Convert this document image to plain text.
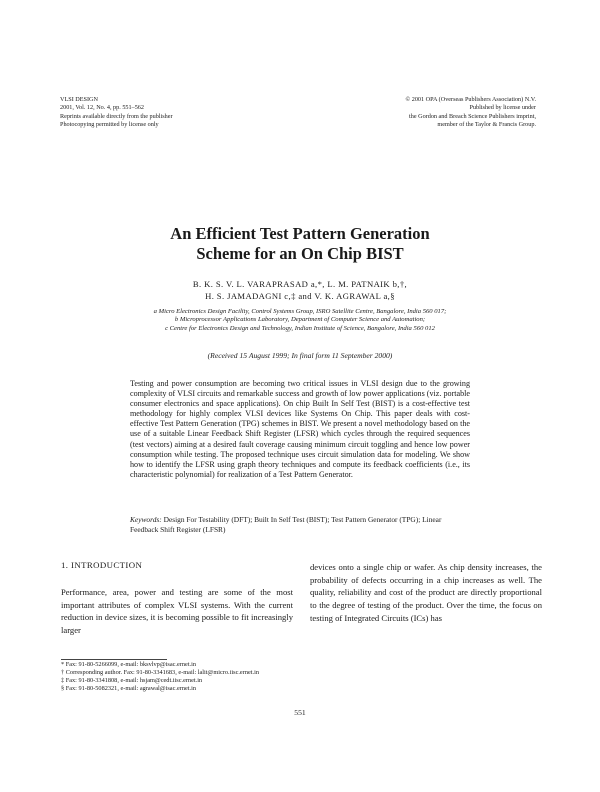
VLSI DESIGN
2001, Vol. 12, No. 4, pp. 551–562
Reprints available directly from the publisher
Photocopying permitted by license only
© 2001 OPA (Overseas Publishers Association) N.V.
Published by license under
the Gordon and Breach Science Publishers imprint,
member of the Taylor & Francis Group.
An Efficient Test Pattern Generation
Scheme for an On Chip BIST
B. K. S. V. L. VARAPRASAD a,*, L. M. PATNAIK b,†,
H. S. JAMADAGNI c,‡ and V. K. AGRAWAL a,§
a Micro Electronics Design Facility, Control Systems Group, ISRO Satellite Centre, Bangalore, India 560 017;
b Microprocessor Applications Laboratory, Department of Computer Science and Automation;
c Centre for Electronics Design and Technology, Indian Institute of Science, Bangalore, India 560 012
(Received 15 August 1999; In final form 11 September 2000)
Testing and power consumption are becoming two critical issues in VLSI design due to the growing complexity of VLSI circuits and remarkable success and growth of low power applications (viz. portable consumer electronics and space applications). On chip Built In Self Test (BIST) is a cost-effective test methodology for highly complex VLSI devices like Systems On Chip. This paper deals with cost-effective Test Pattern Generation (TPG) schemes in BIST. We present a novel methodology based on the use of a suitable Linear Feedback Shift Register (LFSR) which cycles through the required sequences (test vectors) aiming at a desired fault coverage causing minimum circuit toggling and hence low power consumption while testing. The proposed technique uses circuit simulation data for modeling. We show how to identify the LFSR using graph theory techniques and compute its feedback coefficients (i.e., its characteristic polynomial) for realization of a Test Pattern Generator.
Keywords: Design For Testability (DFT); Built In Self Test (BIST); Test Pattern Generator (TPG); Linear Feedback Shift Register (LFSR)
1. INTRODUCTION
Performance, area, power and testing are some of the most important attributes of complex VLSI systems. With the current reduction in device sizes, it is becoming possible to fit increasingly larger
devices onto a single chip or wafer. As chip density increases, the probability of defects occurring in a chip increases as well. The quality, reliability and cost of the product are directly proportional to the degree of testing of the product. Over the time, the focus on testing of Integrated Circuits (ICs) has
* Fax: 91-80-5266099, e-mail: bksvlvp@isac.ernet.in
† Corresponding author. Fax: 91-80-3341683, e-mail: lalit@micro.iisc.ernet.in
‡ Fax: 91-80-3341808, e-mail: hsjam@cedt.iisc.ernet.in
§ Fax: 91-80-5082321, e-mail: agrawal@isac.ernet.in
551
